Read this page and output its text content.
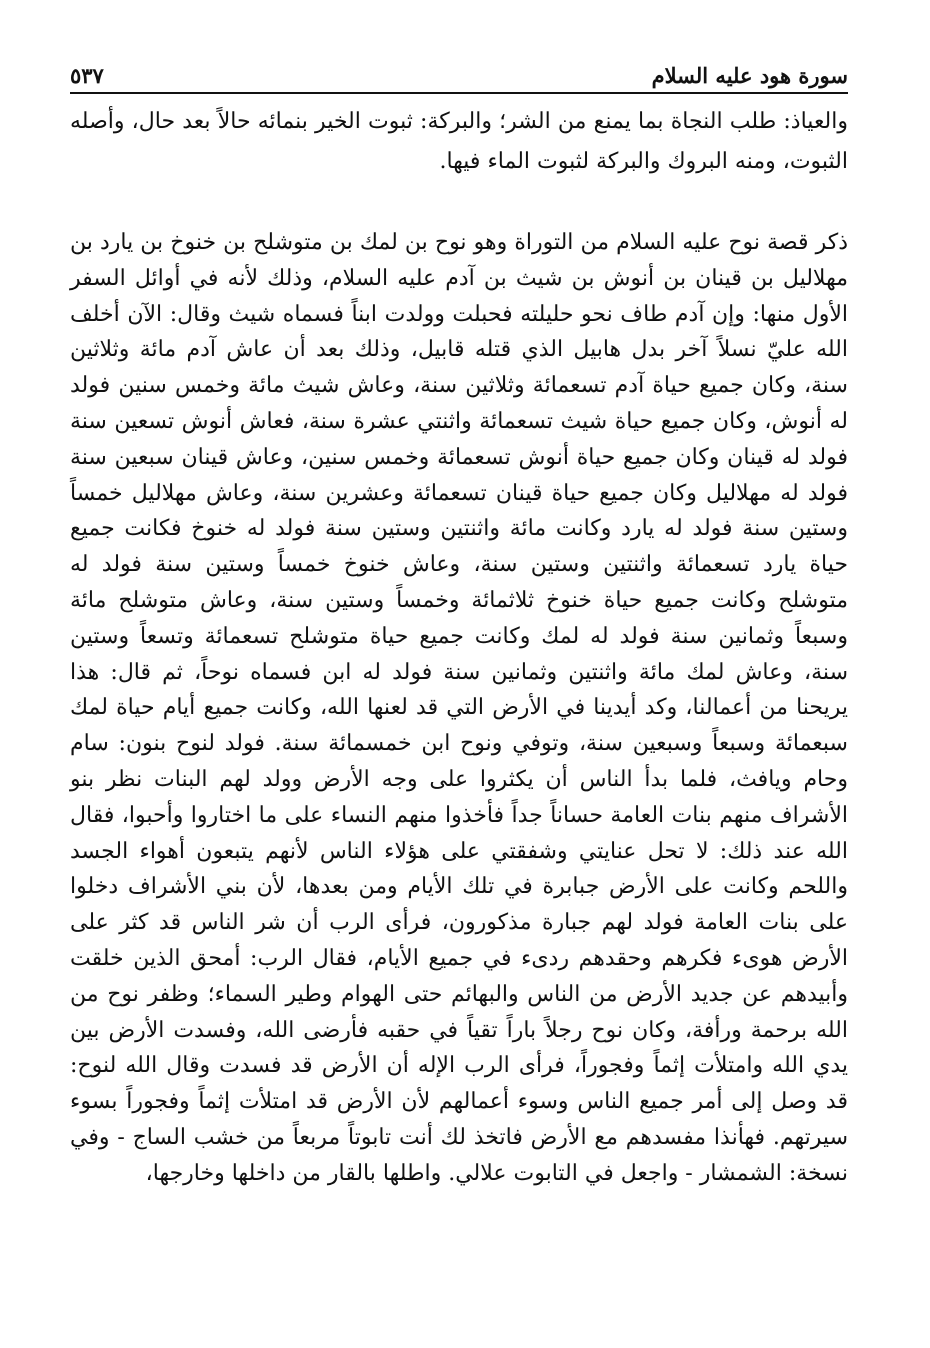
سورة هود عليه السلام
٥٣٧

والعياذ: طلب النجاة بما يمنع من الشر؛ والبركة: ثبوت الخير بنمائه حالاً بعد حال، وأصله الثبوت، ومنه البروك والبركة لثبوت الماء فيها.

ذكر قصة نوح عليه السلام من التوراة وهو نوح بن لمك بن متوشلح بن خنوخ بن يارد بن مهلاليل بن قينان بن أنوش بن شيث بن آدم عليه السلام، وذلك لأنه في أوائل السفر الأول منها: وإن آدم طاف نحو حليلته فحبلت وولدت ابناً فسماه شيث وقال: الآن أخلف الله عليّ نسلاً آخر بدل هابيل الذي قتله قابيل، وذلك بعد أن عاش آدم مائة وثلاثين سنة، وكان جميع حياة آدم تسعمائة وثلاثين سنة، وعاش شيث مائة وخمس سنين فولد له أنوش، وكان جميع حياة شيث تسعمائة واثنتي عشرة سنة، فعاش أنوش تسعين سنة فولد له قينان وكان جميع حياة أنوش تسعمائة وخمس سنين، وعاش قينان سبعين سنة فولد له مهلاليل وكان جميع حياة قينان تسعمائة وعشرين سنة، وعاش مهلاليل خمساً وستين سنة فولد له يارد وكانت مائة واثنتين وستين سنة فولد له خنوخ فكانت جميع حياة يارد تسعمائة واثنتين وستين سنة، وعاش خنوخ خمساً وستين سنة فولد له متوشلح وكانت جميع حياة خنوخ ثلاثمائة وخمساً وستين سنة، وعاش متوشلح مائة وسبعاً وثمانين سنة فولد له لمك وكانت جميع حياة متوشلح تسعمائة وتسعاً وستين سنة، وعاش لمك مائة واثنتين وثمانين سنة فولد له ابن فسماه نوحاً، ثم قال: هذا يريحنا من أعمالنا، وكد أيدينا في الأرض التي قد لعنها الله، وكانت جميع أيام حياة لمك سبعمائة وسبعاً وسبعين سنة، وتوفي ونوح ابن خمسمائة سنة. فولد لنوح بنون: سام وحام ويافث، فلما بدأ الناس أن يكثروا على وجه الأرض وولد لهم البنات نظر بنو الأشراف منهم بنات العامة حساناً جداً فأخذوا منهم النساء على ما اختاروا وأحبوا، فقال الله عند ذلك: لا تحل عنايتي وشفقتي على هؤلاء الناس لأنهم يتبعون أهواء الجسد واللحم وكانت على الأرض جبابرة في تلك الأيام ومن بعدها، لأن بني الأشراف دخلوا على بنات العامة فولد لهم جبارة مذكورون، فرأى الرب أن شر الناس قد كثر على الأرض هوىء فكرهم وحقدهم ردىء في جميع الأيام، فقال الرب: أمحق الذين خلقت وأبيدهم عن جديد الأرض من الناس والبهائم حتى الهوام وطير السماء؛ وظفر نوح من الله برحمة ورأفة، وكان نوح رجلاً باراً تقياً في حقبه فأرضى الله، وفسدت الأرض بين يدي الله وامتلأت إثماً وفجوراً، فرأى الرب الإله أن الأرض قد فسدت وقال الله لنوح: قد وصل إلى أمر جميع الناس وسوء أعمالهم لأن الأرض قد امتلأت إثماً وفجوراً بسوء سيرتهم. فهأنذا مفسدهم مع الأرض فاتخذ لك أنت تابوتاً مربعاً من خشب الساج - وفي نسخة: الشمشار - واجعل في التابوت علالي. واطلها بالقار من داخلها وخارجها،
